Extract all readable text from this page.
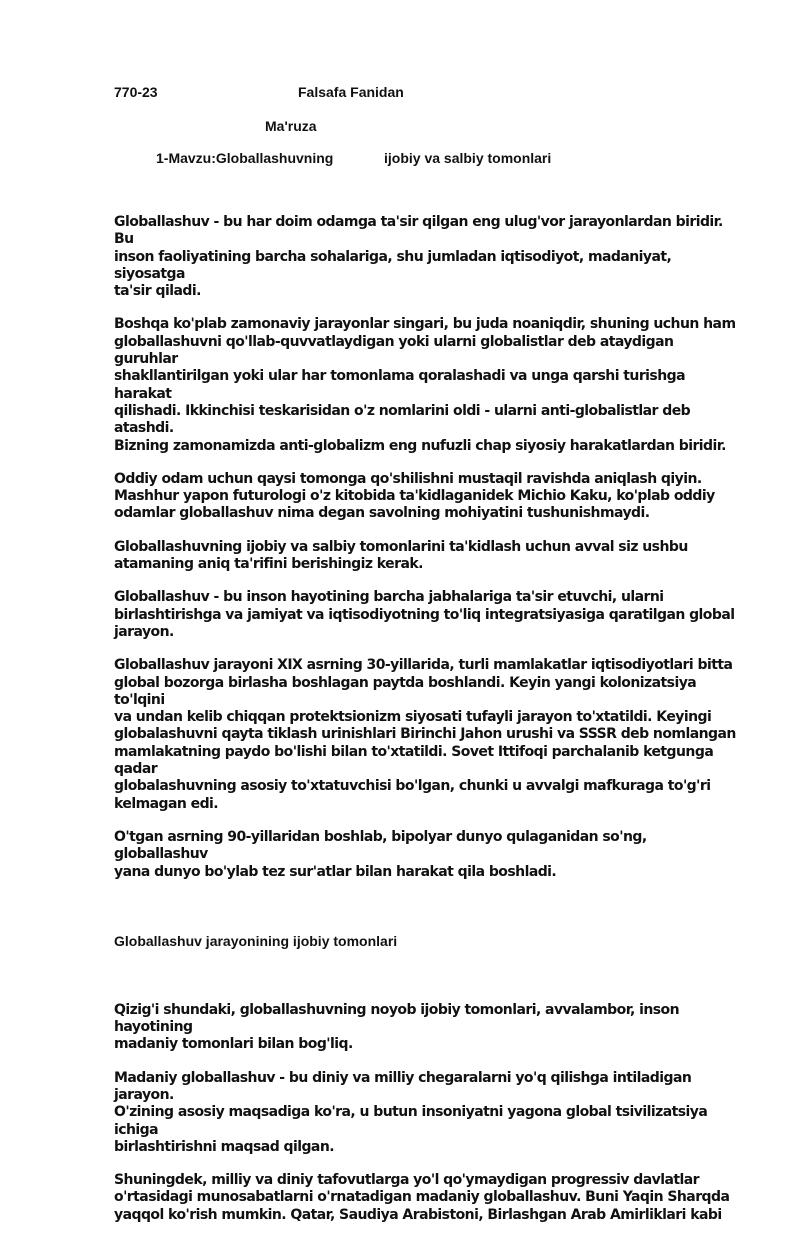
770-23	Falsafa Fanidan
Ma'ruza
1-Mavzu:Globallashuvning	ijobiy va salbiy tomonlari

Globallashuv - bu har doim odamga ta'sir qilgan eng ulug'vor jarayonlardan biridir. Bu
inson faoliyatining barcha sohalariga, shu jumladan iqtisodiyot, madaniyat, siyosatga
ta'sir qiladi.

Boshqa ko'plab zamonaviy jarayonlar singari, bu juda noaniqdir, shuning uchun ham
globallashuvni qo'llab-quvvatlaydigan yoki ularni globalistlar deb ataydigan guruhlar
shakllantirilgan yoki ular har tomonlama qoralashadi va unga qarshi turishga harakat
qilishadi. Ikkinchisi teskarisidan o'z nomlarini oldi - ularni anti-globalistlar deb atashdi.
Bizning zamonamizda anti-globalizm eng nufuzli chap siyosiy harakatlardan biridir.

Oddiy odam uchun qaysi tomonga qo'shilishni mustaqil ravishda aniqlash qiyin.
Mashhur yapon futurologi o'z kitobida ta'kidlaganidek Michio Kaku, ko'plab oddiy
odamlar globallashuv nima degan savolning mohiyatini tushunishmaydi.

Globallashuvning ijobiy va salbiy tomonlarini ta'kidlash uchun avval siz ushbu
atamaning aniq ta'rifini berishingiz kerak.

Globallashuv - bu inson hayotining barcha jabhalariga ta'sir etuvchi, ularni
birlashtirishga va jamiyat va iqtisodiyotning to'liq integratsiyasiga qaratilgan global
jarayon.

Globallashuv jarayoni XIX asrning 30-yillarida, turli mamlakatlar iqtisodiyotlari bitta
global bozorga birlasha boshlagan paytda boshlandi. Keyin yangi kolonizatsiya to'lqini
va undan kelib chiqqan protektsionizm siyosati tufayli jarayon to'xtatildi. Keyingi
globalashuvni qayta tiklash urinishlari Birinchi Jahon urushi va SSSR deb nomlangan
mamlakatning paydo bo'lishi bilan to'xtatildi. Sovet Ittifoqi parchalanib ketgunga qadar
globalashuvning asosiy to'xtatuvchisi bo'lgan, chunki u avvalgi mafkuraga to'g'ri
kelmagan edi.

O'tgan asrning 90-yillaridan boshlab, bipolyar dunyo qulaganidan so'ng, globallashuv
yana dunyo bo'ylab tez sur'atlar bilan harakat qila boshladi.

Globallashuv jarayonining ijobiy tomonlari

Qizig'i shundaki, globallashuvning noyob ijobiy tomonlari, avvalambor, inson hayotining
madaniy tomonlari bilan bog'liq.

Madaniy globallashuv - bu diniy va milliy chegaralarni yo'q qilishga intiladigan jarayon.
O'zining asosiy maqsadiga ko'ra, u butun insoniyatni yagona global tsivilizatsiya ichiga
birlashtirishni maqsad qilgan.

Shuningdek, milliy va diniy tafovutlarga yo'l qo'ymaydigan progressiv davlatlar
o'rtasidagi munosabatlarni o'rnatadigan madaniy globallashuv. Buni Yaqin Sharqda
yaqqol ko'rish mumkin. Qatar, Saudiya Arabistoni, Birlashgan Arab Amirliklari kabi
